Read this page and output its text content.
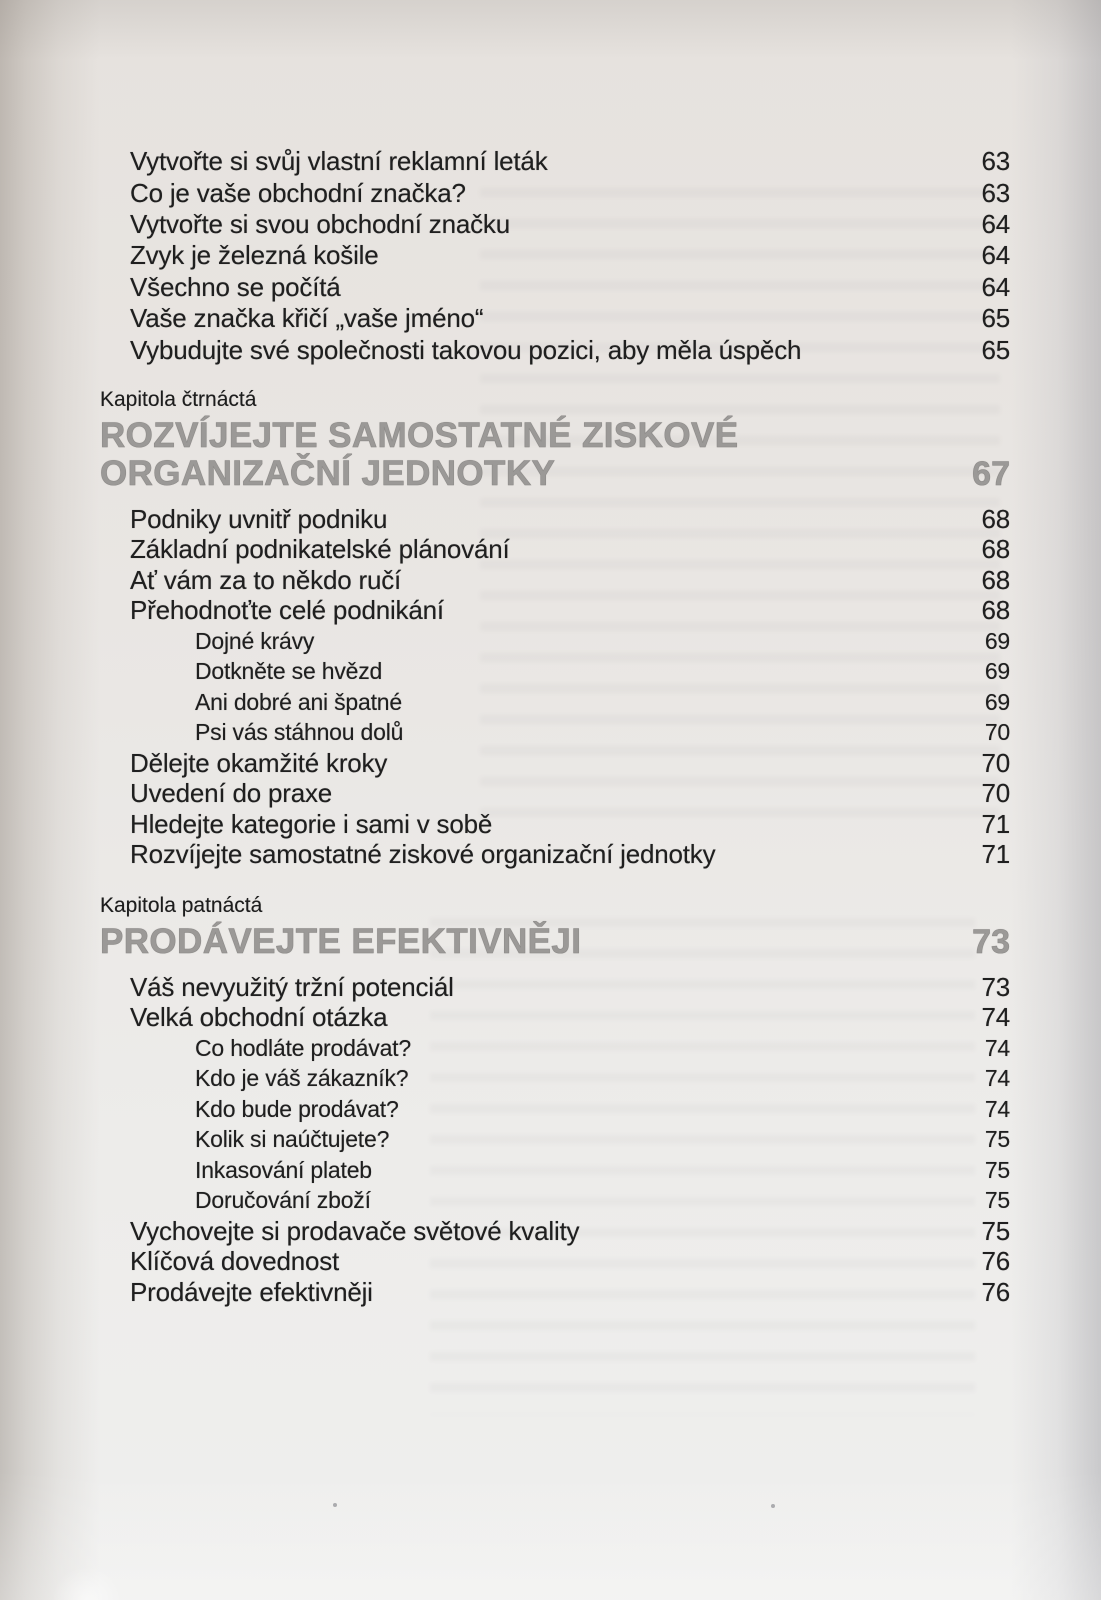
Vytvořte si svůj vlastní reklamní leták	63
Co je vaše obchodní značka?	63
Vytvořte si svou obchodní značku	64
Zvyk je železná košile	64
Všechno se počítá	64
Vaše značka křičí „vaše jméno“	65
Vybudujte své společnosti takovou pozici, aby měla úspěch	65
Kapitola čtrnáctá
ROZVÍJEJTE SAMOSTATNÉ ZISKOVÉ
ORGANIZAČNÍ JEDNOTKY	67
Podniky uvnitř podniku	68
Základní podnikatelské plánování	68
Ať vám za to někdo ručí	68
Přehodnoťte celé podnikání	68
Dojné krávy	69
Dotkněte se hvězd	69
Ani dobré ani špatné	69
Psi vás stáhnou dolů	70
Dělejte okamžité kroky	70
Uvedení do praxe	70
Hledejte kategorie i sami v sobě	71
Rozvíjejte samostatné ziskové organizační jednotky	71
Kapitola patnáctá
PRODÁVEJTE EFEKTIVNĚJI	73
Váš nevyužitý tržní potenciál	73
Velká obchodní otázka	74
Co hodláte prodávat?	74
Kdo je váš zákazník?	74
Kdo bude prodávat?	74
Kolik si naúčtujete?	75
Inkasování plateb	75
Doručování zboží	75
Vychovejte si prodavače světové kvality	75
Klíčová dovednost	76
Prodávejte efektivněji	76
